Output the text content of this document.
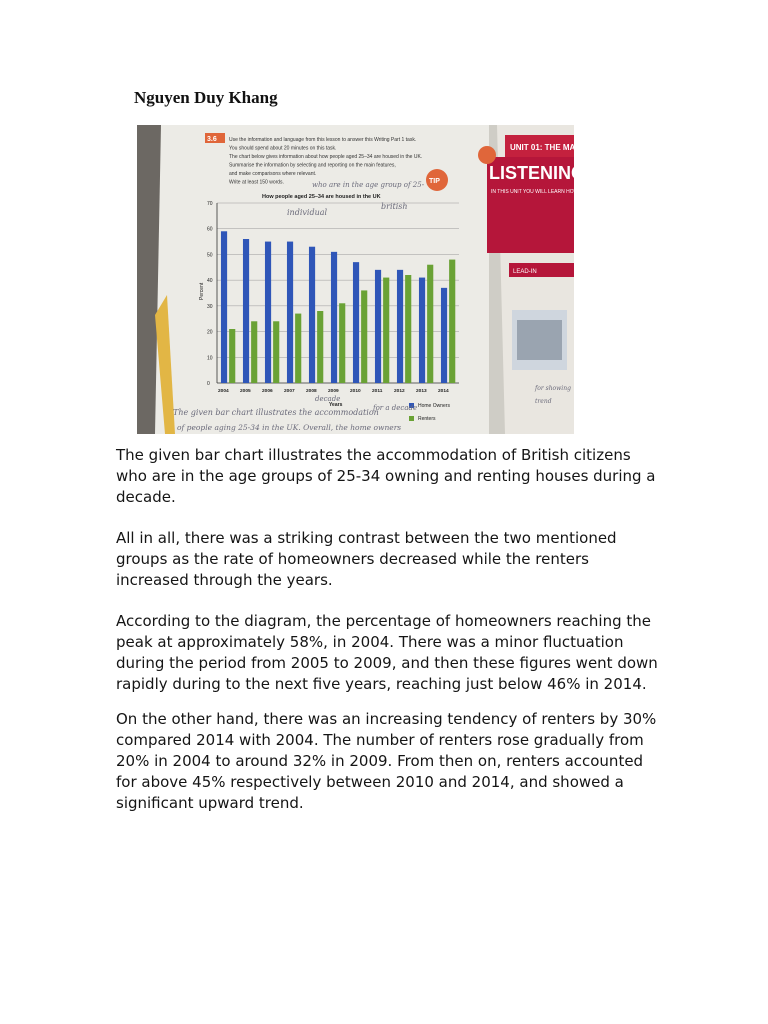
Nguyen Duy Khang
UNIT 01: THE MAN-MADE
LISTENING
IN THIS UNIT YOU WILL LEARN HOW TO
LEAD-IN
3.6 Use the information and language from this lesson to answer this Writing Part 1 task.
You should spend about 20 minutes on this task.
The chart below gives information about how people aged 25–34 are housed in the UK.
Summarise the information by selecting and reporting on the main features,
and make comparisons where relevant.
Write at least 150 words.	TIP
How people aged 25–34 are housed in the UK
0
10
20
30
40
50
60
70
2004 2005 2006 2007 2008 2009 2010 2011 2012 2013 2014
Percent
Years	Home Owners
Renters
individual
british
who are in the age group of 25-
decade
for a decade
The given bar chart illustrates the accommodation
of people aging 25-34 in the UK. Overall, the home owners
for showing
trend

The given bar chart illustrates the accommodation of British citizens who are in the age groups of 25-34 owning and renting houses during a decade.

All in all, there was a striking contrast between the two mentioned groups as the rate of homeowners decreased while the renters increased through the years.

According to the diagram, the percentage of homeowners reaching the peak at approximately 58%, in 2004. There was a minor fluctuation during the period from 2005 to 2009, and then these figures went down rapidly during to the next five years, reaching just below 46% in 2014.

On the other hand, there was an increasing tendency of renters by 30% compared 2014 with 2004. The number of renters rose gradually from 20% in 2004 to around 32% in 2009. From then on, renters accounted for above 45% respectively between 2010 and 2014, and showed a significant upward trend.
